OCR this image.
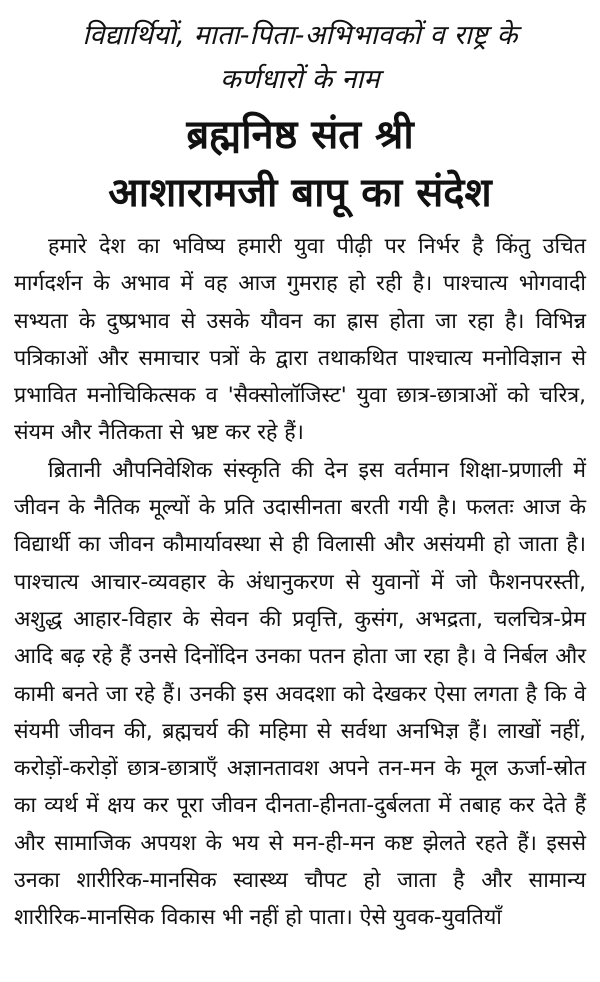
विद्यार्थियों, माता-पिता-अभिभावकों व राष्ट्र के

कर्णधारों के नाम

ब्रह्मनिष्ठ संत श्री
आशारामजी बापू का संदेश

हमारे देश का भविष्य हमारी युवा पीढ़ी पर निर्भर है किंतु उचित मार्गदर्शन के अभाव में वह आज गुमराह हो रही है। पाश्चात्य भोगवादी सभ्यता के दुष्प्रभाव से उसके यौवन का ह्रास होता जा रहा है। विभिन्न पत्रिकाओं और समाचार पत्रों के द्वारा तथाकथित पाश्चात्य मनोविज्ञान से प्रभावित मनोचिकित्सक व 'सैक्सोलॉजिस्ट' युवा छात्र-छात्राओं को चरित्र, संयम और नैतिकता से भ्रष्ट कर रहे हैं।

ब्रितानी औपनिवेशिक संस्कृति की देन इस वर्तमान शिक्षा-प्रणाली में जीवन के नैतिक मूल्यों के प्रति उदासीनता बरती गयी है। फलतः आज के विद्यार्थी का जीवन कौमार्यावस्था से ही विलासी और असंयमी हो जाता है। पाश्चात्य आचार-व्यवहार के अंधानुकरण से युवानों में जो फैशनपरस्ती, अशुद्ध आहार-विहार के सेवन की प्रवृत्ति, कुसंग, अभद्रता, चलचित्र-प्रेम आदि बढ़ रहे हैं उनसे दिनोंदिन उनका पतन होता जा रहा है। वे निर्बल और कामी बनते जा रहे हैं। उनकी इस अवदशा को देखकर ऐसा लगता है कि वे संयमी जीवन की, ब्रह्मचर्य की महिमा से सर्वथा अनभिज्ञ हैं। लाखों नहीं, करोड़ों-करोड़ों छात्र-छात्राएँ अज्ञानतावश अपने तन-मन के मूल ऊर्जा-स्रोत का व्यर्थ में क्षय कर पूरा जीवन दीनता-हीनता-दुर्बलता में तबाह कर देते हैं और सामाजिक अपयश के भय से मन-ही-मन कष्ट झेलते रहते हैं। इससे उनका शारीरिक-मानसिक स्वास्थ्य चौपट हो जाता है और सामान्य शारीरिक-मानसिक विकास भी नहीं हो पाता। ऐसे युवक-युवतियाँ
